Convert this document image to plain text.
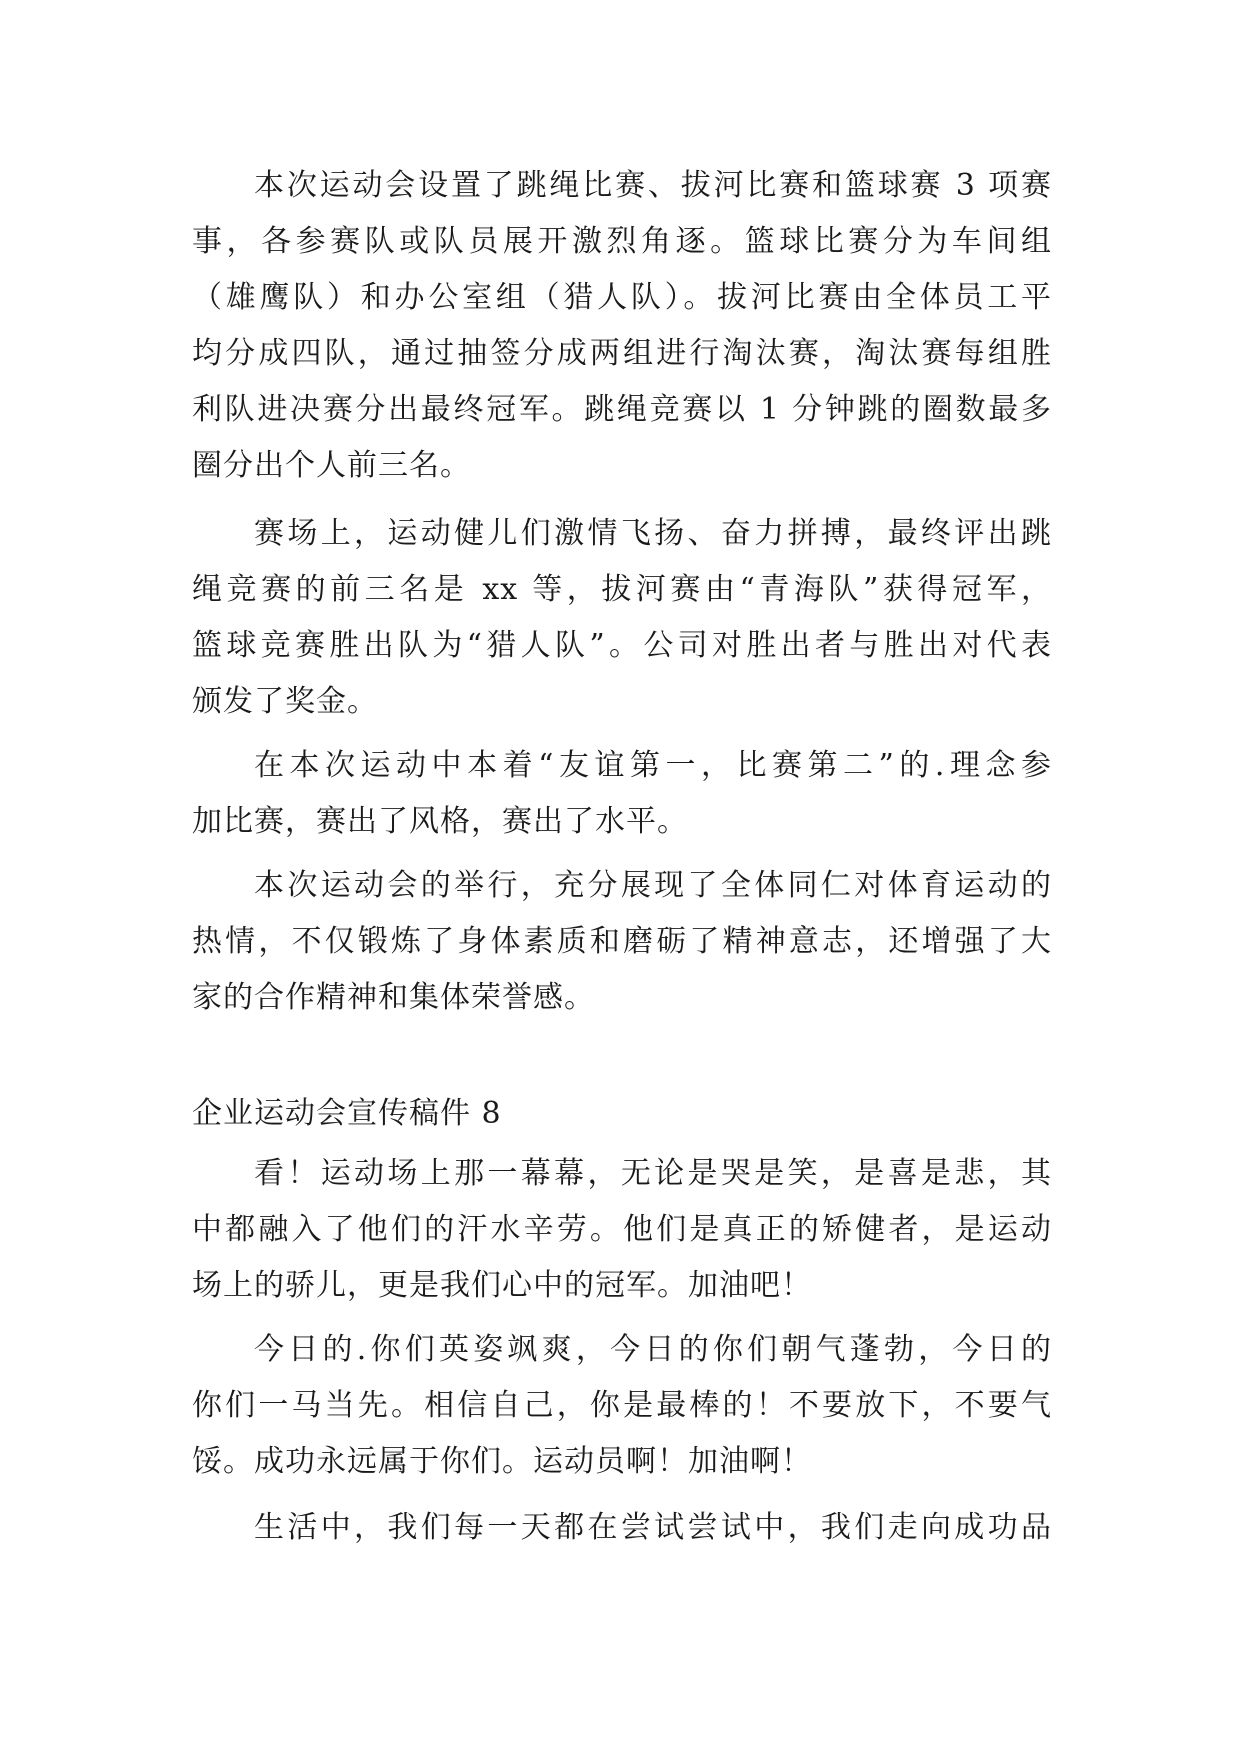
本次运动会设置了跳绳比赛、拔河比赛和篮球赛 3 项赛
事，各参赛队或队员展开激烈角逐。篮球比赛分为车间组
（雄鹰队）和办公室组（猎人队）。拔河比赛由全体员工平
均分成四队，通过抽签分成两组进行淘汰赛，淘汰赛每组胜
利队进决赛分出最终冠军。跳绳竞赛以 1 分钟跳的圈数最多
圈分出个人前三名。
赛场上，运动健儿们激情飞扬、奋力拼搏，最终评出跳
绳竞赛的前三名是 xx 等，拔河赛由“青海队”获得冠军，
篮球竞赛胜出队为“猎人队”。公司对胜出者与胜出对代表
颁发了奖金。
在本次运动中本着“友谊第一，比赛第二”的.理念参
加比赛，赛出了风格，赛出了水平。
本次运动会的举行，充分展现了全体同仁对体育运动的
热情，不仅锻炼了身体素质和磨砺了精神意志，还增强了大
家的合作精神和集体荣誉感。
企业运动会宣传稿件 8
看！运动场上那一幕幕，无论是哭是笑，是喜是悲，其
中都融入了他们的汗水辛劳。他们是真正的矫健者，是运动
场上的骄儿，更是我们心中的冠军。加油吧！
今日的.你们英姿飒爽，今日的你们朝气蓬勃，今日的
你们一马当先。相信自己，你是最棒的！不要放下，不要气
馁。成功永远属于你们。运动员啊！加油啊！
生活中，我们每一天都在尝试尝试中，我们走向成功品
